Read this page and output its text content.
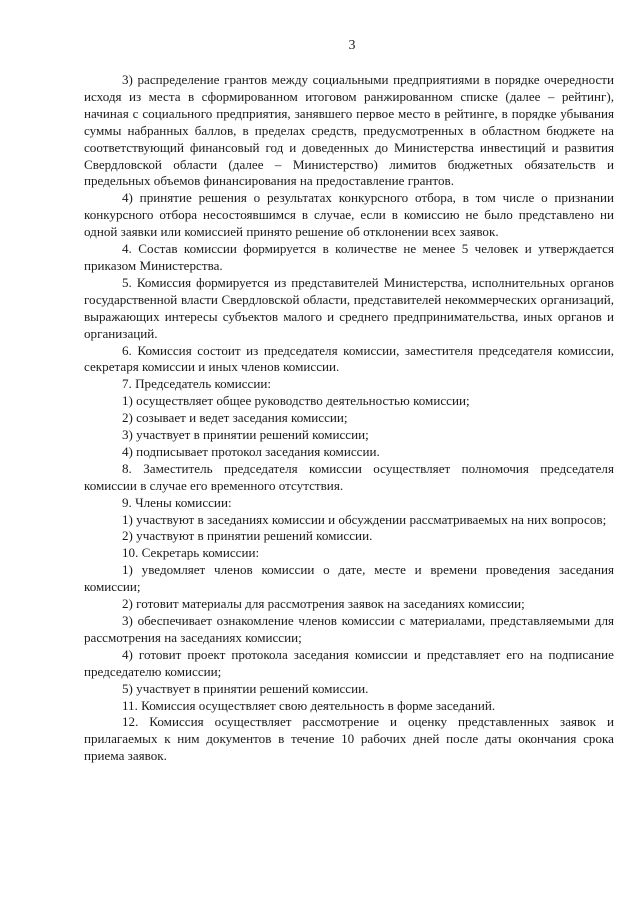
3

3) распределение грантов между социальными предприятиями в порядке очередности исходя из места в сформированном итоговом ранжированном списке (далее – рейтинг), начиная с социального предприятия, занявшего первое место в рейтинге, в порядке убывания суммы набранных баллов, в пределах средств, предусмотренных в областном бюджете на соответствующий финансовый год и доведенных до Министерства инвестиций и развития Свердловской области (далее – Министерство) лимитов бюджетных обязательств и предельных объемов финансирования на предоставление грантов.

4) принятие решения о результатах конкурсного отбора, в том числе о признании конкурсного отбора несостоявшимся в случае, если в комиссию не было представлено ни одной заявки или комиссией принято решение об отклонении всех заявок.

4. Состав комиссии формируется в количестве не менее 5 человек и утверждается приказом Министерства.

5. Комиссия формируется из представителей Министерства, исполнительных органов государственной власти Свердловской области, представителей некоммерческих организаций, выражающих интересы субъектов малого и среднего предпринимательства, иных органов и организаций.

6. Комиссия состоит из председателя комиссии, заместителя председателя комиссии, секретаря комиссии и иных членов комиссии.

7. Председатель комиссии:

1) осуществляет общее руководство деятельностью комиссии;

2) созывает и ведет заседания комиссии;

3) участвует в принятии решений комиссии;

4) подписывает протокол заседания комиссии.

8. Заместитель председателя комиссии осуществляет полномочия председателя комиссии в случае его временного отсутствия.

9. Члены комиссии:

1) участвуют в заседаниях комиссии и обсуждении рассматриваемых на них вопросов;

2) участвуют в принятии решений комиссии.

10. Секретарь комиссии:

1) уведомляет членов комиссии о дате, месте и времени проведения заседания комиссии;

2) готовит материалы для рассмотрения заявок на заседаниях комиссии;

3) обеспечивает ознакомление членов комиссии с материалами, представляемыми для рассмотрения на заседаниях комиссии;

4) готовит проект протокола заседания комиссии и представляет его на подписание председателю комиссии;

5) участвует в принятии решений комиссии.

11. Комиссия осуществляет свою деятельность в форме заседаний.

12. Комиссия осуществляет рассмотрение и оценку представленных заявок и прилагаемых к ним документов в течение 10 рабочих дней после даты окончания срока приема заявок.
